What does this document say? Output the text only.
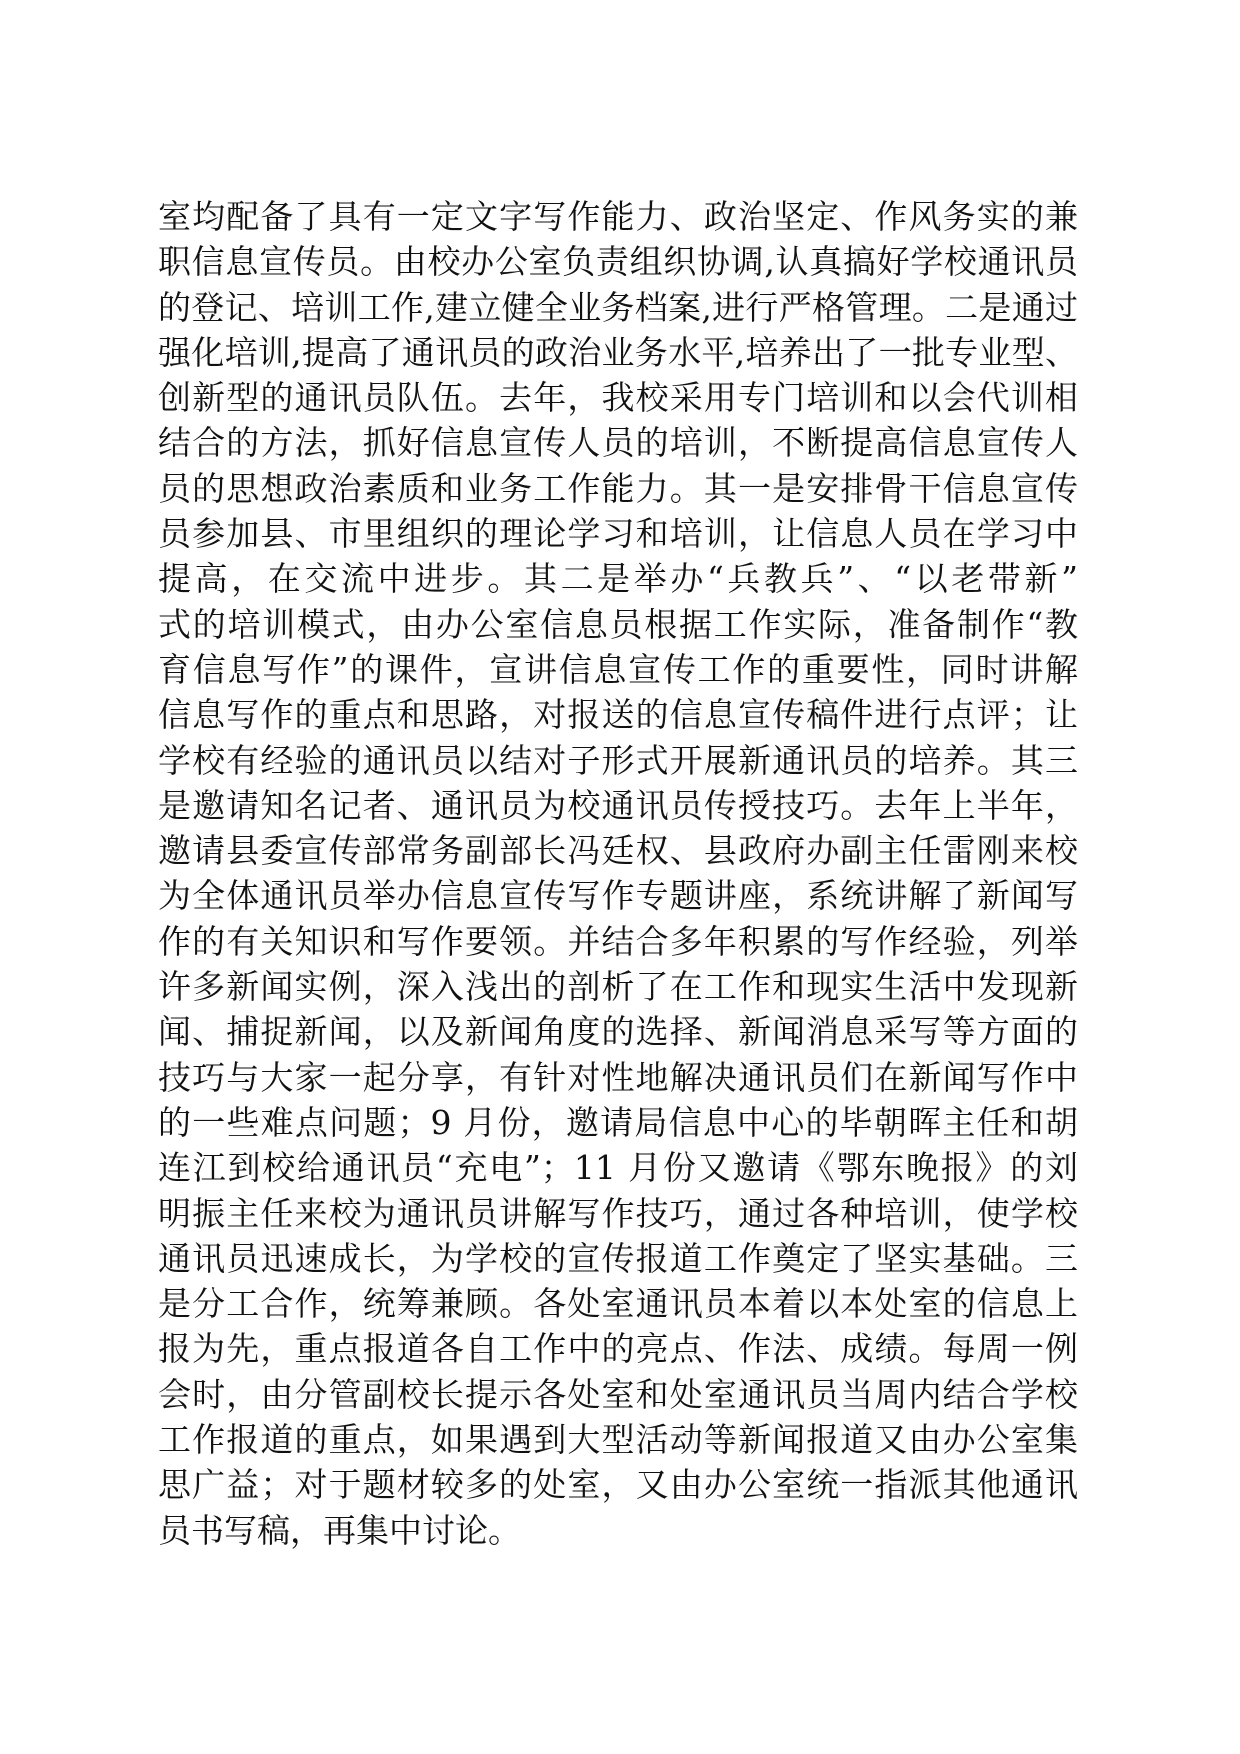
室均配备了具有一定文字写作能力、政治坚定、作风务实的兼
职信息宣传员。由校办公室负责组织协调,认真搞好学校通讯员
的登记、培训工作,建立健全业务档案,进行严格管理。二是通过
强化培训,提高了通讯员的政治业务水平,培养出了一批专业型、
创新型的通讯员队伍。去年，我校采用专门培训和以会代训相
结合的方法，抓好信息宣传人员的培训，不断提高信息宣传人
员的思想政治素质和业务工作能力。其一是安排骨干信息宣传
员参加县、市里组织的理论学习和培训，让信息人员在学习中
提高，在交流中进步。其二是举办“兵教兵”、“以老带新”
式的培训模式，由办公室信息员根据工作实际，准备制作“教
育信息写作”的课件，宣讲信息宣传工作的重要性，同时讲解
信息写作的重点和思路，对报送的信息宣传稿件进行点评；让
学校有经验的通讯员以结对子形式开展新通讯员的培养。其三
是邀请知名记者、通讯员为校通讯员传授技巧。去年上半年，
邀请县委宣传部常务副部长冯廷权、县政府办副主任雷刚来校
为全体通讯员举办信息宣传写作专题讲座，系统讲解了新闻写
作的有关知识和写作要领。并结合多年积累的写作经验，列举
许多新闻实例，深入浅出的剖析了在工作和现实生活中发现新
闻、捕捉新闻，以及新闻角度的选择、新闻消息采写等方面的
技巧与大家一起分享，有针对性地解决通讯员们在新闻写作中
的一些难点问题；9 月份，邀请局信息中心的毕朝晖主任和胡
连江到校给通讯员“充电”；11 月份又邀请《鄂东晚报》的刘
明振主任来校为通讯员讲解写作技巧，通过各种培训，使学校
通讯员迅速成长，为学校的宣传报道工作奠定了坚实基础。三
是分工合作，统筹兼顾。各处室通讯员本着以本处室的信息上
报为先，重点报道各自工作中的亮点、作法、成绩。每周一例
会时，由分管副校长提示各处室和处室通讯员当周内结合学校
工作报道的重点，如果遇到大型活动等新闻报道又由办公室集
思广益；对于题材较多的处室，又由办公室统一指派其他通讯
员书写稿，再集中讨论。
